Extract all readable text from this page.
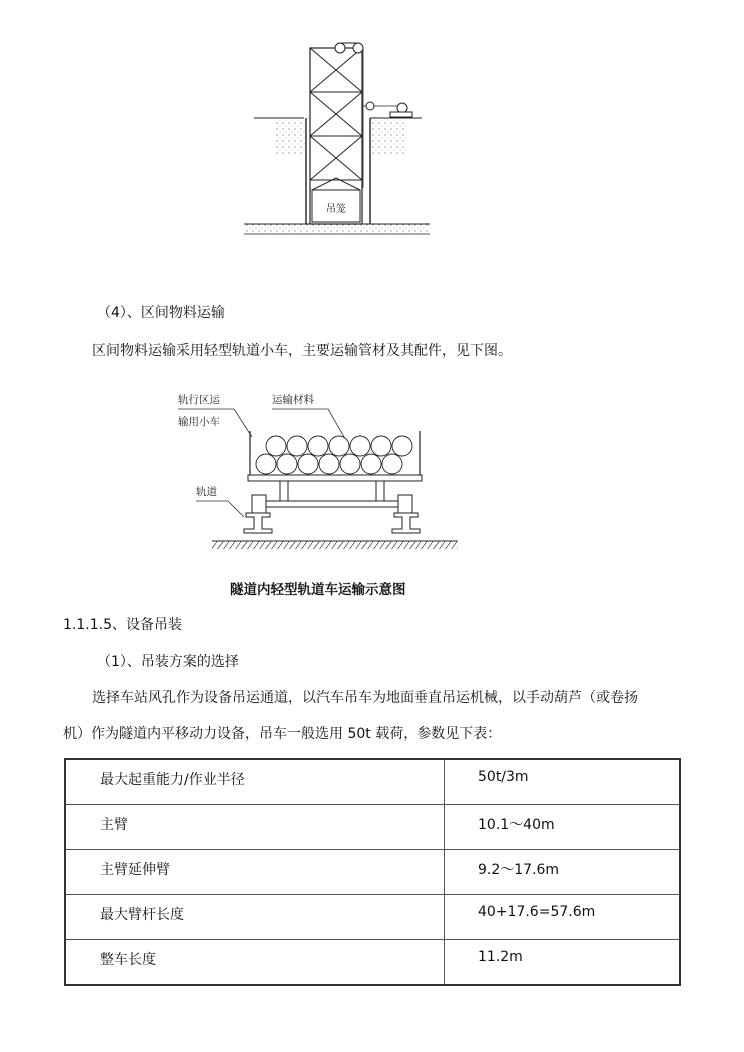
吊笼
（4）、区间物料运输
区间物料运输采用轻型轨道小车，主要运输管材及其配件，见下图。
轨行区运
输用小车
运输材料
轨道
隧道内轻型轨道车运输示意图
1.1.1.5、设备吊装
（1）、吊装方案的选择
选择车站风孔作为设备吊运通道，以汽车吊车为地面垂直吊运机械，以手动葫芦（或卷扬
机）作为隧道内平移动力设备，吊车一般选用 50t 载荷，参数见下表：
最大起重能力/作业半径	50t/3m

主臂	10.1～40m

主臂延伸臂	9.2～17.6m

最大臂杆长度	40+17.6=57.6m

整车长度	11.2m
